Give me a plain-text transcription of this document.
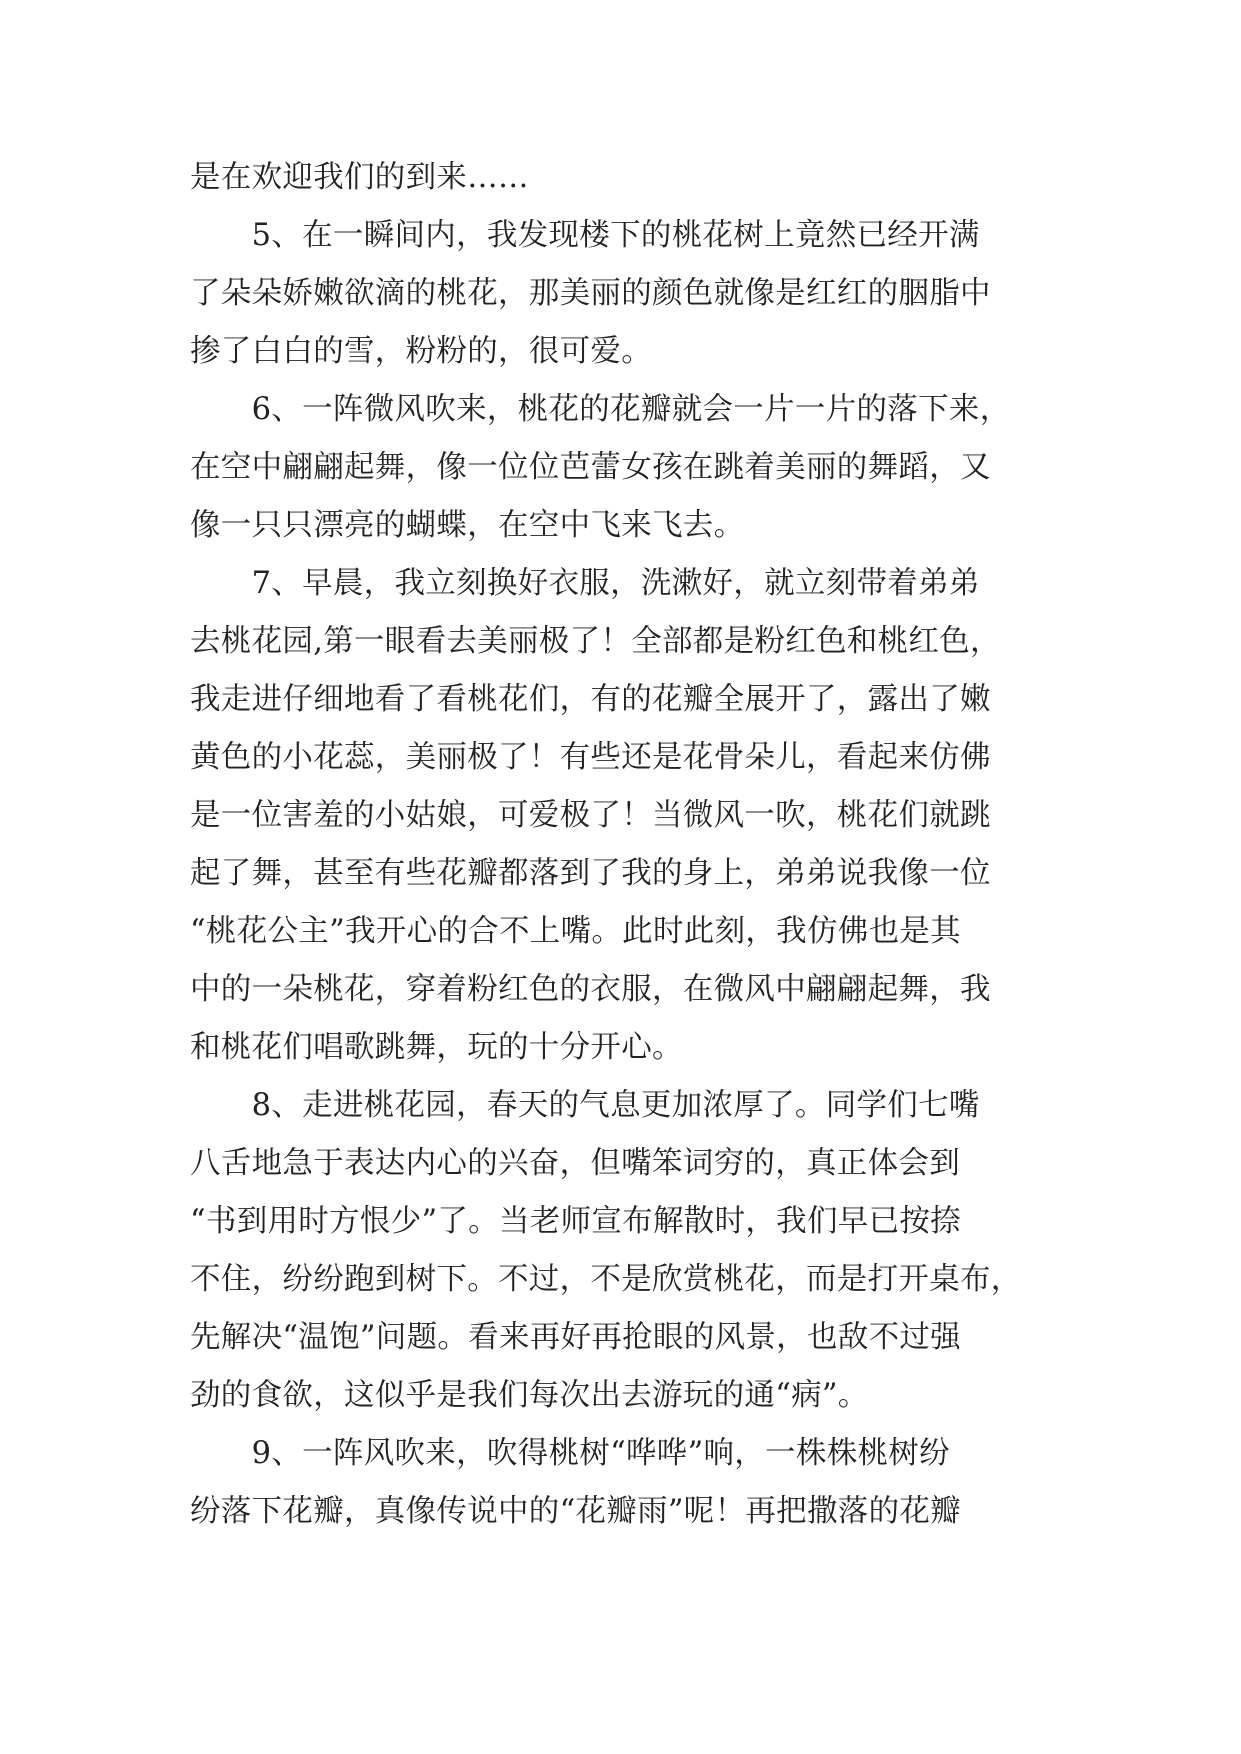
是在欢迎我们的到来……
　　5、在一瞬间内，我发现楼下的桃花树上竟然已经开满
了朵朵娇嫩欲滴的桃花，那美丽的颜色就像是红红的胭脂中
掺了白白的雪，粉粉的，很可爱。
　　6、一阵微风吹来，桃花的花瓣就会一片一片的落下来，
在空中翩翩起舞，像一位位芭蕾女孩在跳着美丽的舞蹈，又
像一只只漂亮的蝴蝶，在空中飞来飞去。
　　7、早晨，我立刻换好衣服，洗漱好，就立刻带着弟弟
去桃花园,第一眼看去美丽极了！全部都是粉红色和桃红色，
我走进仔细地看了看桃花们，有的花瓣全展开了，露出了嫩
黄色的小花蕊，美丽极了！有些还是花骨朵儿，看起来仿佛
是一位害羞的小姑娘，可爱极了！当微风一吹，桃花们就跳
起了舞，甚至有些花瓣都落到了我的身上，弟弟说我像一位
“桃花公主”我开心的合不上嘴。此时此刻，我仿佛也是其
中的一朵桃花，穿着粉红色的衣服，在微风中翩翩起舞，我
和桃花们唱歌跳舞，玩的十分开心。
　　8、走进桃花园，春天的气息更加浓厚了。同学们七嘴
八舌地急于表达内心的兴奋，但嘴笨词穷的，真正体会到
“书到用时方恨少”了。当老师宣布解散时，我们早已按捺
不住，纷纷跑到树下。不过，不是欣赏桃花，而是打开桌布，
先解决“温饱”问题。看来再好再抢眼的风景，也敌不过强
劲的食欲，这似乎是我们每次出去游玩的通“病”。
　　9、一阵风吹来，吹得桃树“哗哗”响，一株株桃树纷
纷落下花瓣，真像传说中的“花瓣雨”呢！再把撒落的花瓣
